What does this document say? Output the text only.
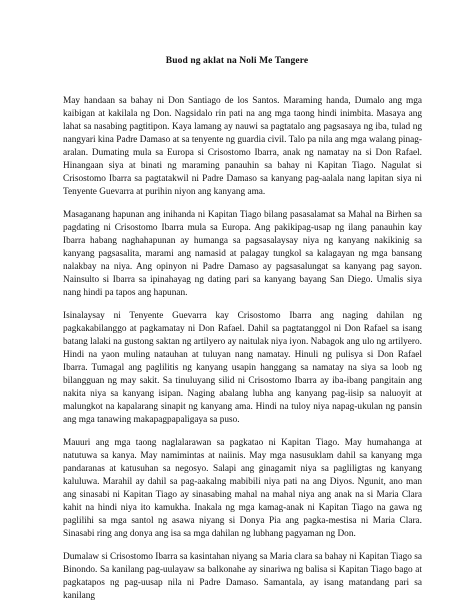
Buod ng aklat na Noli Me Tangere

May handaan sa bahay ni Don Santiago de los Santos. Maraming handa, Dumalo ang mga kaibigan at kakilala ng Don. Nagsidalo rin pati na ang mga taong hindi inimbita. Masaya ang lahat sa nasabing pagtitipon. Kaya lamang ay nauwi sa pagtatalo ang pagsasaya ng iba, tulad ng nangyari kina Padre Damaso at sa tenyente ng guardia civil. Talo pa nila ang mga walang pinag-aralan. Dumating mula sa Europa si Crisostomo Ibarra, anak ng namatay na si Don Rafael. Hinangaan siya at binati ng maraming panauhin sa bahay ni Kapitan Tiago. Nagulat si Crisostomo Ibarra sa pagtatakwil ni Padre Damaso sa kanyang pag-aalala nang lapitan siya ni Tenyente Guevarra at purihin niyon ang kanyang ama.

Masaganang hapunan ang inihanda ni Kapitan Tiago bilang pasasalamat sa Mahal na Birhen sa pagdating ni Crisostomo Ibarra mula sa Europa. Ang pakikipag-usap ng ilang panauhin kay Ibarra habang naghahapunan ay humanga sa pagsasalaysay niya ng kanyang nakikinig sa kanyang pagsasalita, marami ang namasid at palagay tungkol sa kalagayan ng mga bansang nalakbay na niya. Ang opinyon ni Padre Damaso ay pagsasalungat sa kanyang pag sayon. Nainsulto si Ibarra sa ipinahayag ng dating pari sa kanyang bayang San Diego. Umalis siya nang hindi pa tapos ang hapunan.

Isinalaysay ni Tenyente Guevarra kay Crisostomo Ibarra ang naging dahilan ng pagkakabilanggo at pagkamatay ni Don Rafael. Dahil sa pagtatanggol ni Don Rafael sa isang batang lalaki na gustong saktan ng artilyero ay naitulak niya iyon. Nabagok ang ulo ng artilyero. Hindi na yaon muling natauhan at tuluyan nang namatay. Hinuli ng pulisya si Don Rafael Ibarra. Tumagal ang paglilitis ng kanyang usapin hanggang sa namatay na siya sa loob ng bilangguan ng may sakit. Sa tinuluyang silid ni Crisostomo Ibarra ay iba-ibang pangitain ang nakita niya sa kanyang isipan. Naging abalang lubha ang kanyang pag-iisip sa naluoyit at malungkot na kapalarang sinapit ng kanyang ama. Hindi na tuloy niya napag-ukulan ng pansin ang mga tanawing makapagpapaligaya sa puso.

Mauuri ang mga taong naglalarawan sa pagkatao ni Kapitan Tiago. May humahanga at natutuwa sa kanya. May namimintas at naiinis. May mga nasusuklam dahil sa kanyang mga pandaranas at katusuhan sa negosyo. Salapi ang ginagamit niya sa pagliligtas ng kanyang kaluluwa. Marahil ay dahil sa pag-aakalng mabibili niya pati na ang Diyos. Ngunit, ano man ang sinasabi ni Kapitan Tiago ay sinasabing mahal na mahal niya ang anak na si Maria Clara kahit na hindi niya ito kamukha. Inakala ng mga kamag-anak ni Kapitan Tiago na gawa ng paglilihi sa mga santol ng asawa niyang si Donya Pia ang pagka-mestisa ni Maria Clara. Sinasabi ring ang donya ang isa sa mga dahilan ng lubhang pagyaman ng Don.

Dumalaw si Crisostomo Ibarra sa kasintahan niyang sa Maria clara sa bahay ni Kapitan Tiago sa Binondo. Sa kanilang pag-uulayaw sa balkonahe ay sinariwa ng balisa si Kapitan Tiago bago at pagkatapos ng pag-uusap nila ni Padre Damaso. Samantala, ay isang matandang pari sa kanilang
